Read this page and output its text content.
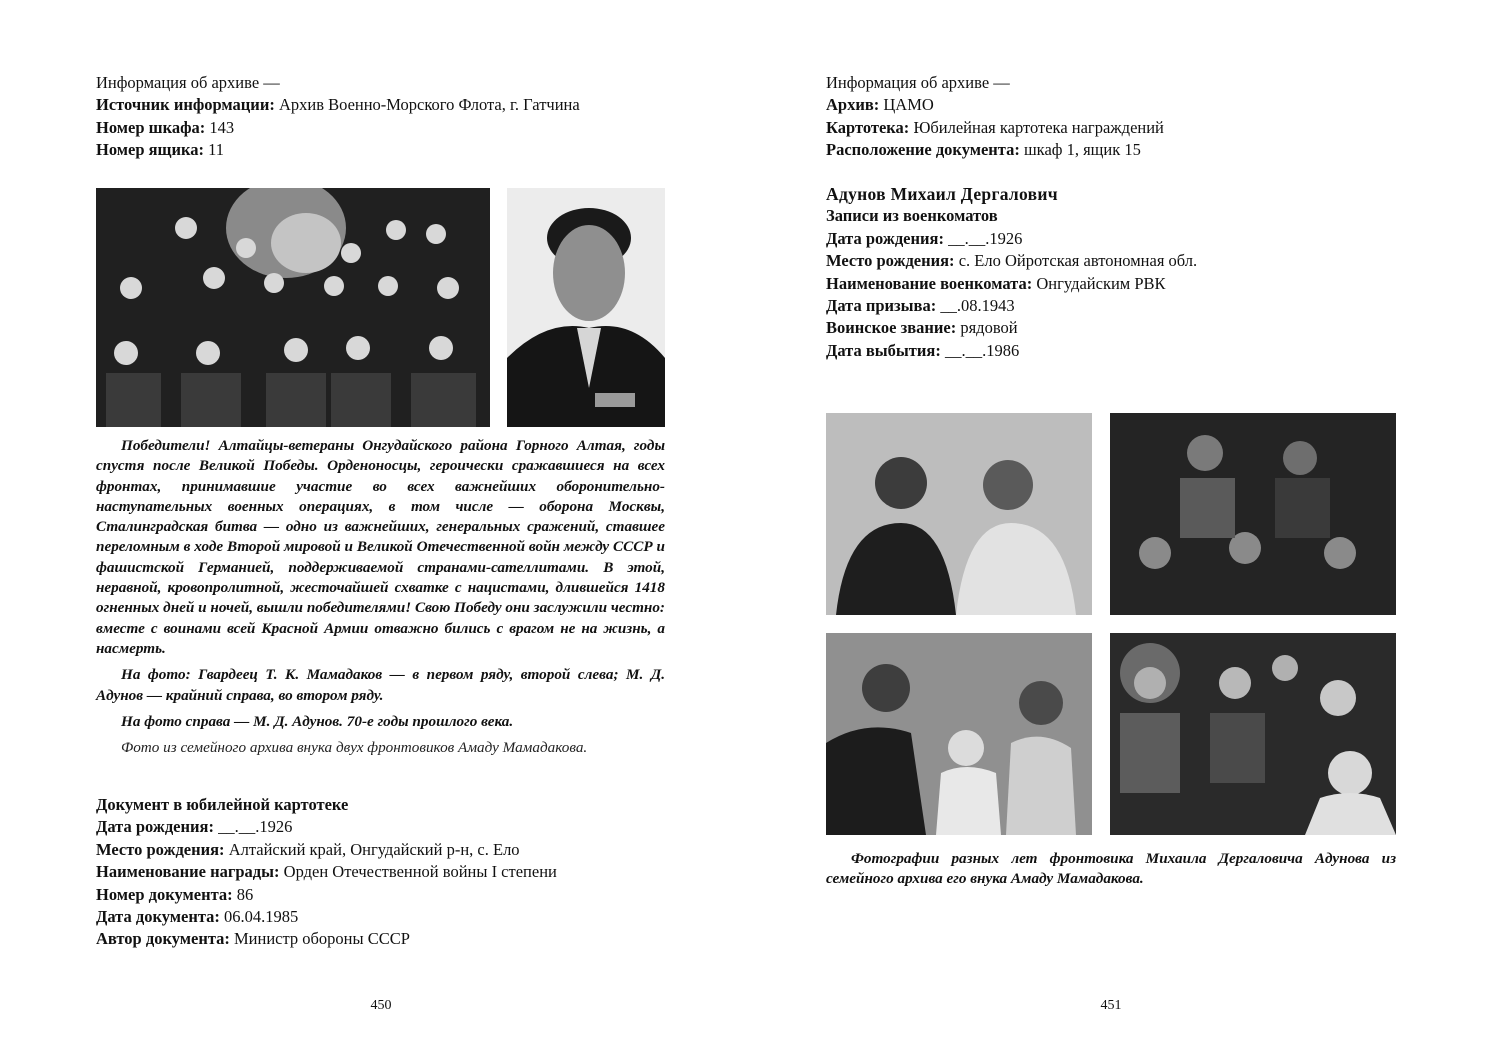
Информация об архиве —
Источник информации: Архив Военно-Морского Флота, г. Гатчина
Номер шкафа: 143
Номер ящика: 11

Победители! Алтайцы-ветераны Онгудайского района Горного Алтая, годы спустя после Великой Победы. Орденоносцы, героически сражавшиеся на всех фронтах, принимавшие участие во всех важнейших оборонительно-наступательных военных операциях, в том числе — оборона Москвы, Сталинградская битва — одно из важнейших, генеральных сражений, ставшее переломным в ходе Второй мировой и Великой Отечественной войн между СССР и фашистской Германией, поддерживаемой странами-сателлитами. В этой, неравной, кровопролитной, жесточайшей схватке с нацистами, длившейся 1418 огненных дней и ночей, вышли победителями! Свою Победу они заслужили честно: вместе с воинами всей Красной Армии отважно бились с врагом не на жизнь, а насмерть.

На фото: Гвардеец Т. К. Мамадаков — в первом ряду, второй слева; М. Д. Адунов — крайний справа, во втором ряду.

На фото справа — М. Д. Адунов. 70-е годы прошлого века.

Фото из семейного архива внука двух фронтовиков Амаду Мамадакова.

Документ в юбилейной картотеке
Дата рождения: __.__.1926
Место рождения: Алтайский край, Онгудайский р-н, с. Ело
Наименование награды: Орден Отечественной войны I степени
Номер документа: 86
Дата документа: 06.04.1985
Автор документа: Министр обороны СССР
450
Информация об архиве —
Архив: ЦАМО
Картотека: Юбилейная картотека награждений
Расположение документа: шкаф 1, ящик 15
Адунов Михаил Дергалович
Записи из военкоматов
Дата рождения: __.__.1926
Место рождения: с. Ело Ойротская автономная обл.
Наименование военкомата: Онгудайским РВК
Дата призыва: __.08.1943
Воинское звание: рядовой
Дата выбытия: __.__.1986

Фотографии разных лет фронтовика Михаила Дергаловича Адунова из семейного архива его внука Амаду Мамадакова.

451
